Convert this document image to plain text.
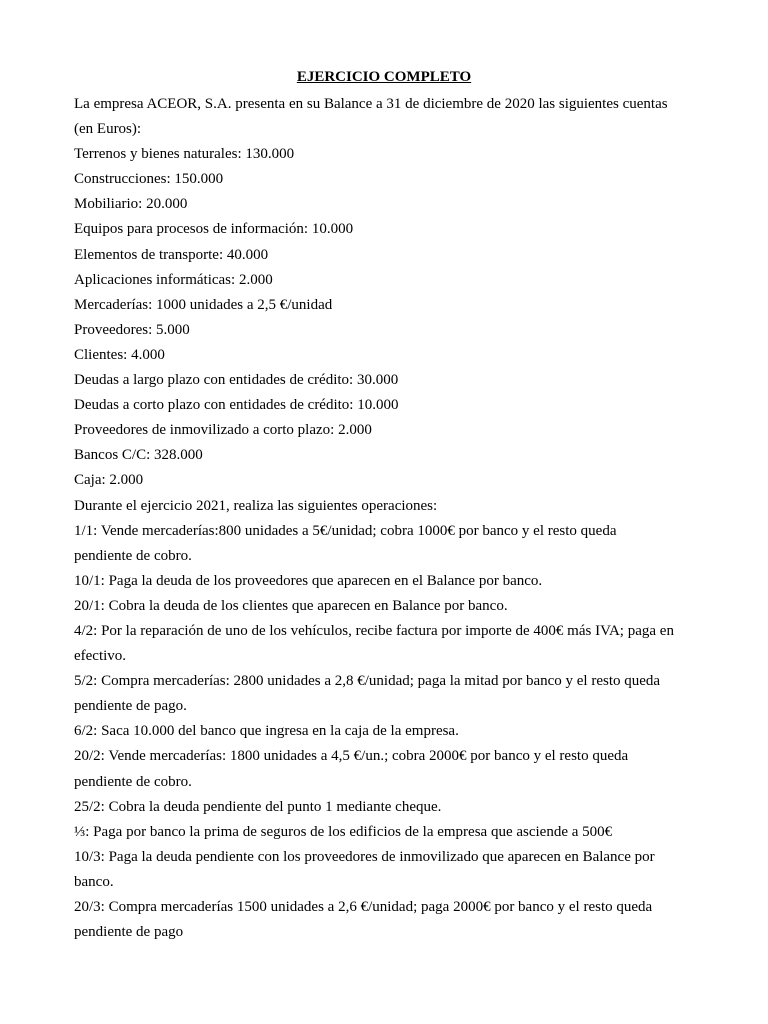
EJERCICIO COMPLETO
La empresa ACEOR, S.A. presenta en su Balance a 31 de diciembre de 2020 las siguientes cuentas
(en Euros):
Terrenos y bienes naturales: 130.000
Construcciones: 150.000
Mobiliario: 20.000
Equipos para procesos de información: 10.000
Elementos de transporte: 40.000
Aplicaciones informáticas: 2.000
Mercaderías: 1000 unidades a 2,5 €/unidad
Proveedores: 5.000
Clientes: 4.000
Deudas a largo plazo con entidades de crédito: 30.000
Deudas a corto plazo con entidades de crédito: 10.000
Proveedores de inmovilizado a corto plazo: 2.000
Bancos C/C: 328.000
Caja: 2.000
Durante el ejercicio 2021, realiza las siguientes operaciones:
1/1: Vende mercaderías:800 unidades a 5€/unidad; cobra 1000€ por banco y el resto queda
pendiente de cobro.
10/1: Paga la deuda de los proveedores que aparecen en el Balance por banco.
20/1: Cobra la deuda de los clientes que aparecen en Balance por banco.
4/2: Por la reparación de uno de los vehículos, recibe factura por importe de 400€ más IVA; paga en
efectivo.
5/2: Compra mercaderías: 2800 unidades a 2,8 €/unidad; paga la mitad por banco y el resto queda
pendiente de pago.
6/2: Saca 10.000 del banco que ingresa en la caja de la empresa.
20/2: Vende mercaderías: 1800 unidades a 4,5 €/un.; cobra 2000€ por banco y el resto queda
pendiente de cobro.
25/2: Cobra la deuda pendiente del punto 1 mediante cheque.
⅓: Paga por banco la prima de seguros de los edificios de la empresa que asciende a 500€
10/3: Paga la deuda pendiente con los proveedores de inmovilizado que aparecen en Balance por
banco.
20/3: Compra mercaderías 1500 unidades a 2,6 €/unidad; paga 2000€ por banco y el resto queda
pendiente de pago
